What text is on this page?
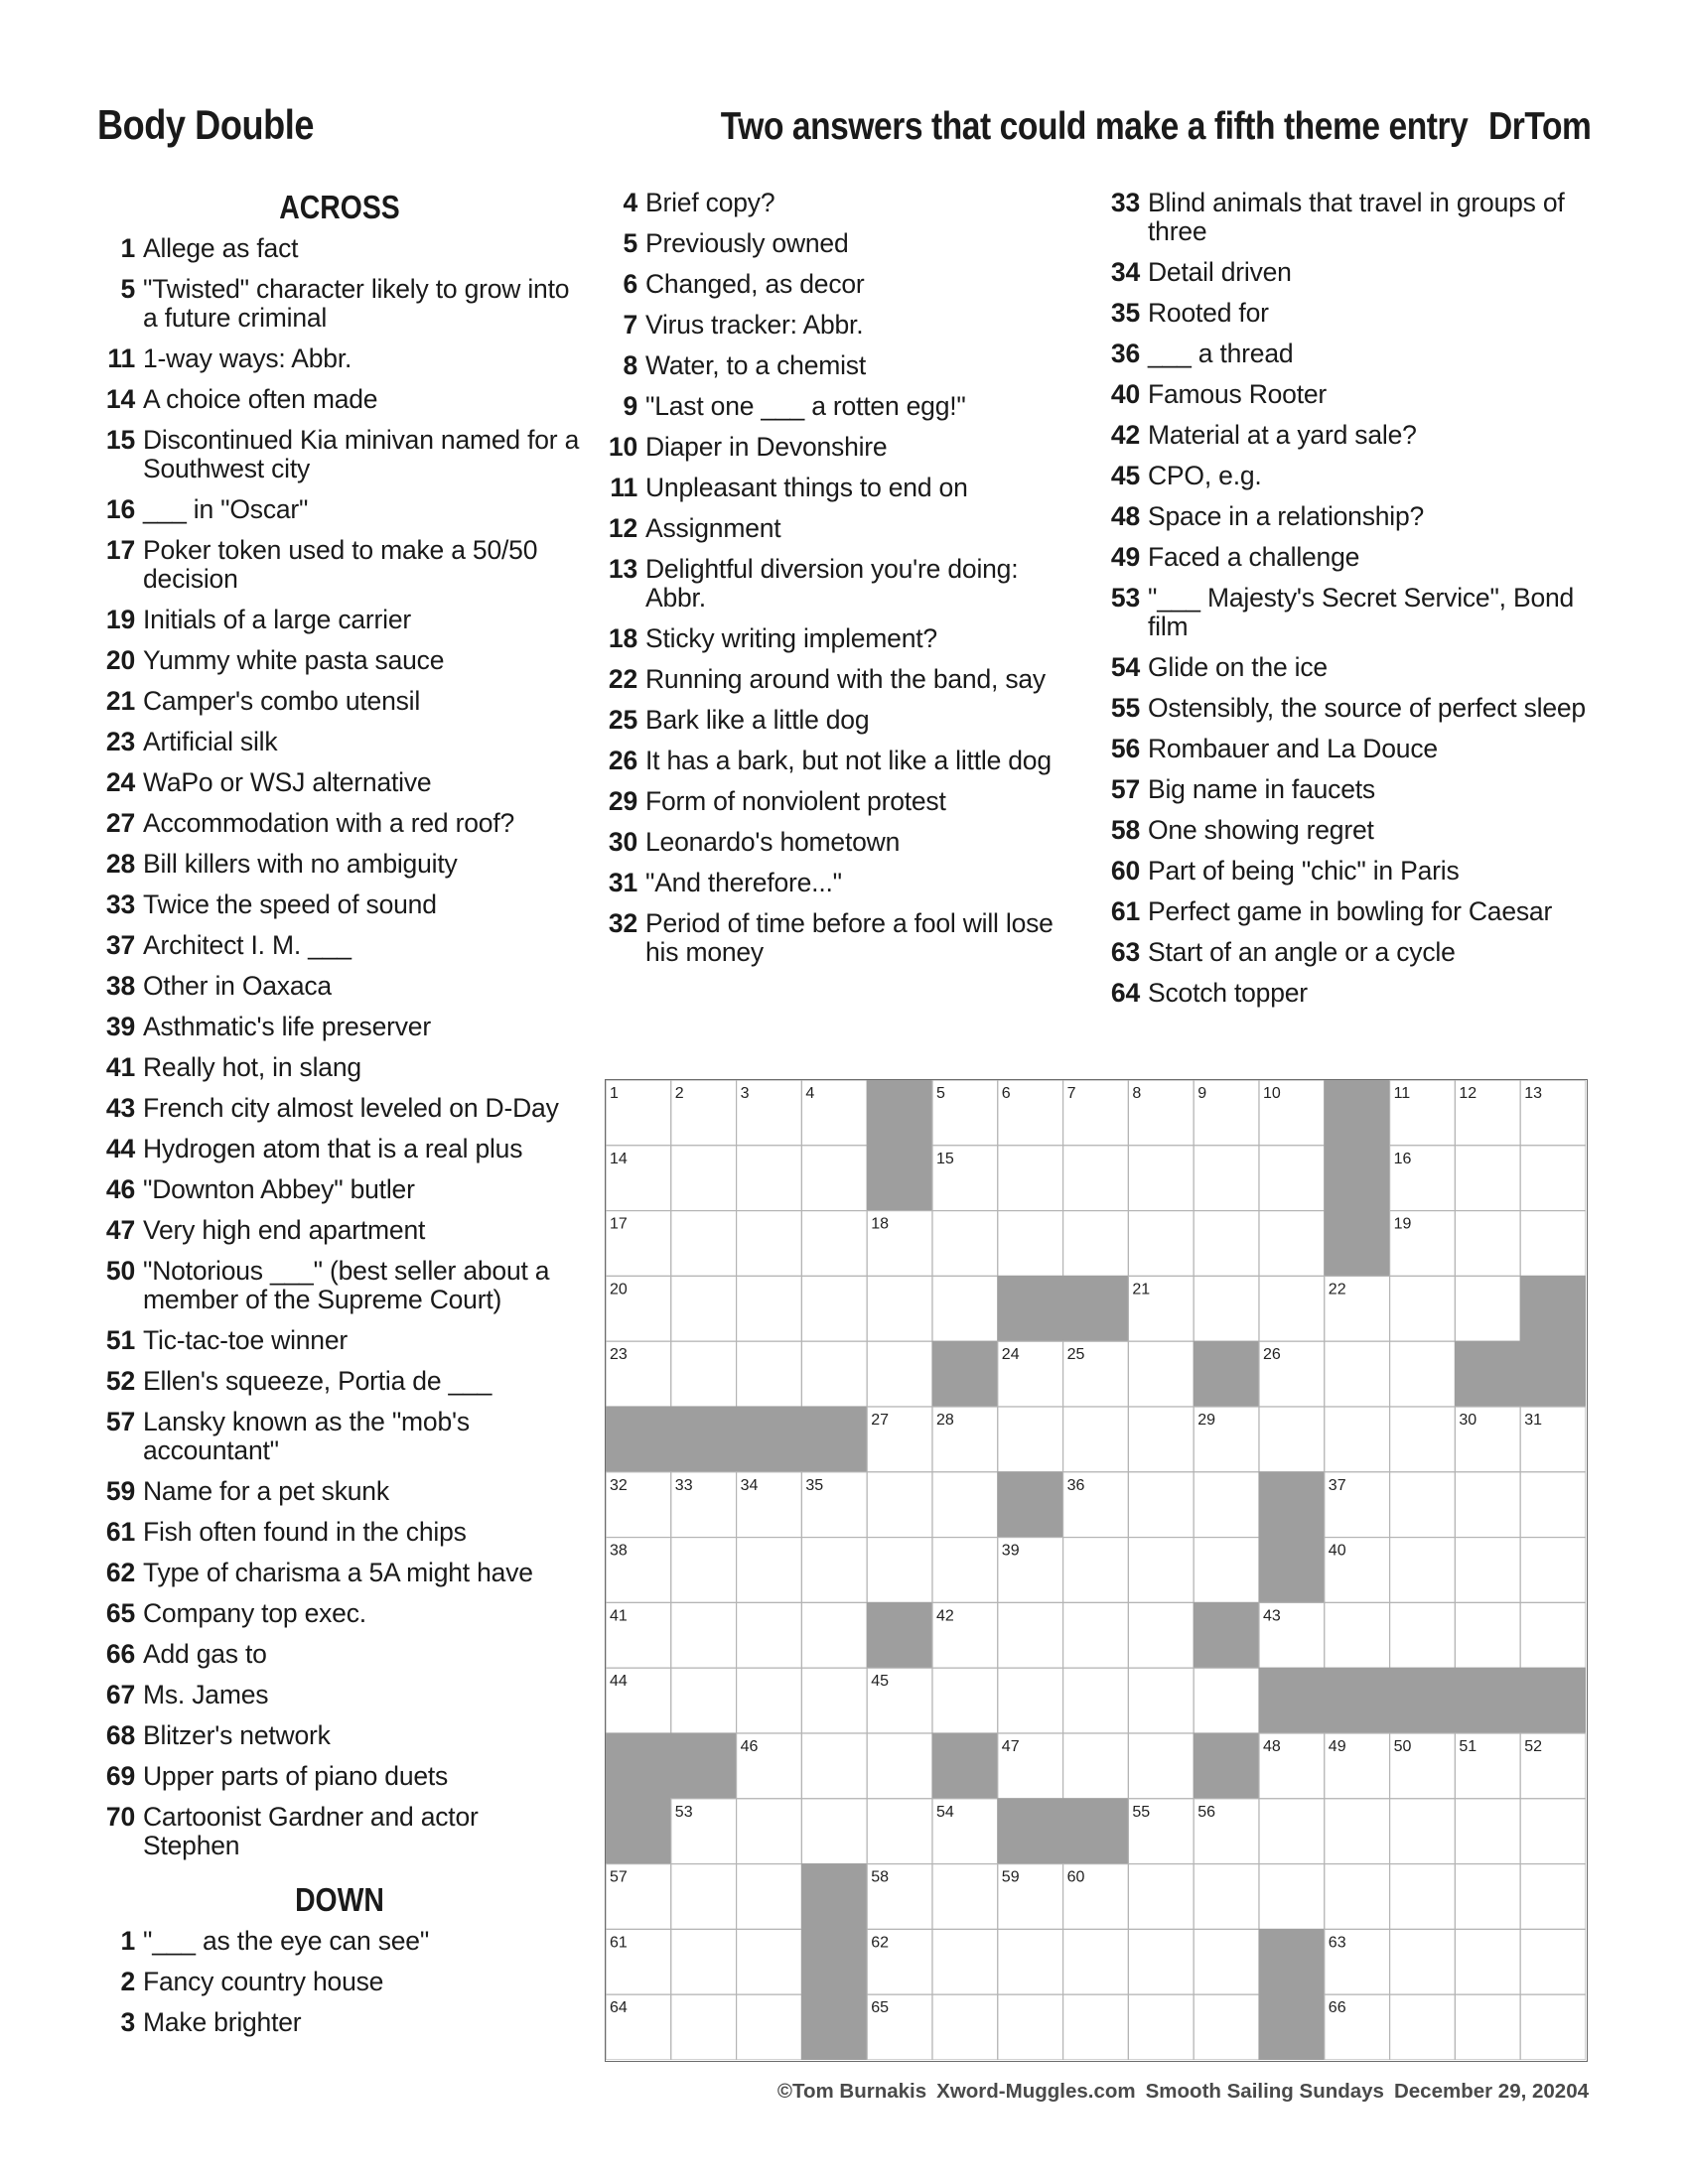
Body Double	Two answers that could make a fifth theme entry DrTom
ACROSS
1 Allege as fact
5 "Twisted" character likely to grow into a future criminal
11 1-way ways: Abbr.
14 A choice often made
15 Discontinued Kia minivan named for a Southwest city
16 ___ in "Oscar"
17 Poker token used to make a 50/50 decision
19 Initials of a large carrier
20 Yummy white pasta sauce
21 Camper's combo utensil
23 Artificial silk
24 WaPo or WSJ alternative
27 Accommodation with a red roof?
28 Bill killers with no ambiguity
33 Twice the speed of sound
37 Architect I. M. ___
38 Other in Oaxaca
39 Asthmatic's life preserver
41 Really hot, in slang
43 French city almost leveled on D-Day
44 Hydrogen atom that is a real plus
46 "Downton Abbey" butler
47 Very high end apartment
50 "Notorious ___" (best seller about a member of the Supreme Court)
51 Tic-tac-toe winner
52 Ellen's squeeze, Portia de ___
57 Lansky known as the "mob's accountant"
59 Name for a pet skunk
61 Fish often found in the chips
62 Type of charisma a 5A might have
65 Company top exec.
66 Add gas to
67 Ms. James
68 Blitzer's network
69 Upper parts of piano duets
70 Cartoonist Gardner and actor Stephen
DOWN
1 "___ as the eye can see"
2 Fancy country house
3 Make brighter
4 Brief copy?
5 Previously owned
6 Changed, as decor
7 Virus tracker: Abbr.
8 Water, to a chemist
9 "Last one ___ a rotten egg!"
10 Diaper in Devonshire
11 Unpleasant things to end on
12 Assignment
13 Delightful diversion you're doing: Abbr.
18 Sticky writing implement?
22 Running around with the band, say
25 Bark like a little dog
26 It has a bark, but not like a little dog
29 Form of nonviolent protest
30 Leonardo's hometown
31 "And therefore..."
32 Period of time before a fool will lose his money
33 Blind animals that travel in groups of three
34 Detail driven
35 Rooted for
36 ___ a thread
40 Famous Rooter
42 Material at a yard sale?
45 CPO, e.g.
48 Space in a relationship?
49 Faced a challenge
53 "___ Majesty's Secret Service", Bond film
54 Glide on the ice
55 Ostensibly, the source of perfect sleep
56 Rombauer and La Douce
57 Big name in faucets
58 One showing regret
60 Part of being "chic" in Paris
61 Perfect game in bowling for Caesar
63 Start of an angle or a cycle
64 Scotch topper
1	2	3	4	5	6	7	8	9	10	11	12	13
14	15	16
17	18	19
20	21	22
23	24	25	26
27	28	29	30	31
32	33	34	35	36	37
38	39	40
41	42	43
44	45
46	47	48	49	50	51	52
53	54	55	56
57	58	59	60
61	62	63
64	65	66
©Tom Burnakis Xword-Muggles.com Smooth Sailing Sundays December 29, 20204
